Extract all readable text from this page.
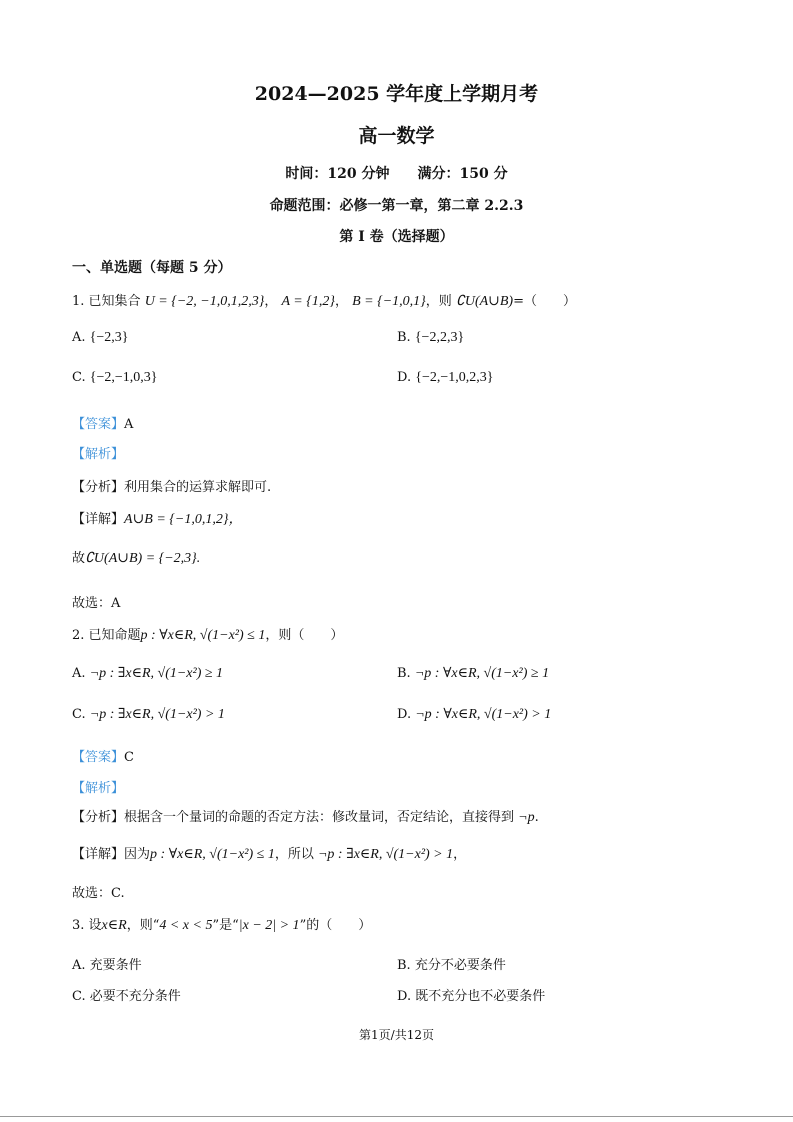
2024—2025 学年度上学期月考
高一数学
时间：120 分钟　　满分：150 分
命题范围：必修一第一章，第二章 2.2.3
第 I 卷（选择题）
一、单选题（每题 5 分）
1. 已知集合 U = {−2, −1,0,1,2,3}， A = {1,2}， B = {−1,0,1}，则 ∁U(A∪B)=（　　）
A. {−2,3}	B. {−2,2,3}
C. {−2,−1,0,3}	D. {−2,−1,0,2,3}
【答案】A
【解析】
【分析】利用集合的运算求解即可.
【详解】A∪B = {−1,0,1,2}，
故∁U(A∪B) = {−2,3}.
故选：A
2. 已知命题p : ∀x∈R, √(1−x²) ≤ 1，则（　　）
A. ¬p : ∃x∈R, √(1−x²) ≥ 1	B. ¬p : ∀x∈R, √(1−x²) ≥ 1
C. ¬p : ∃x∈R, √(1−x²) > 1	D. ¬p : ∀x∈R, √(1−x²) > 1
【答案】C
【解析】
【分析】根据含一个量词的命题的否定方法：修改量词，否定结论，直接得到 ¬p.
【详解】因为p : ∀x∈R, √(1−x²) ≤ 1，所以 ¬p : ∃x∈R, √(1−x²) > 1，
故选：C.
3. 设x∈R，则“4 < x < 5”是“|x − 2| > 1”的（　　）
A. 充要条件	B. 充分不必要条件
C. 必要不充分条件	D. 既不充分也不必要条件
第1页/共12页
